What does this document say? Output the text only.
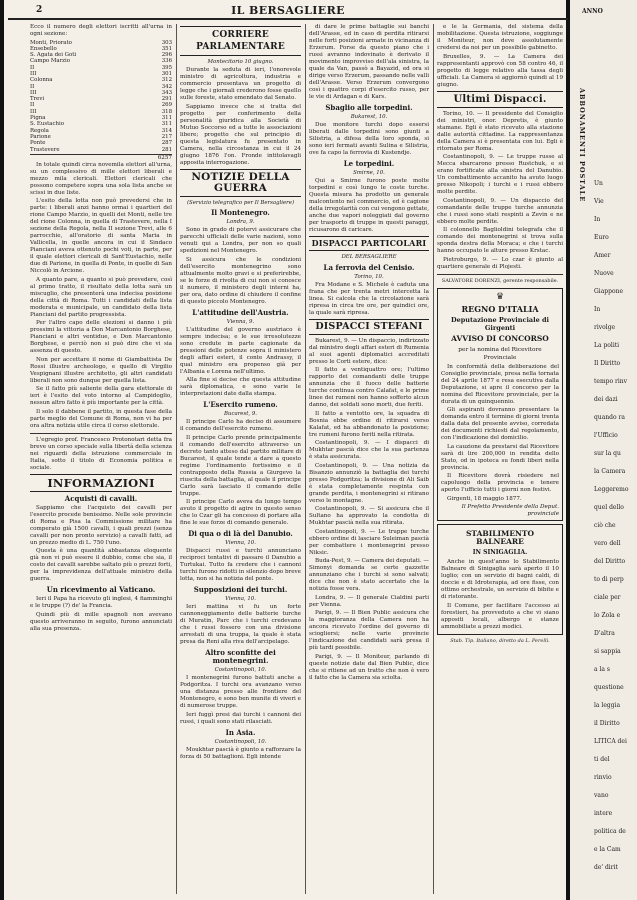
2	IL BERSAGLIERE

Ecco il numero degli elettori iscritti all'urna in ogni sezione:

Monti, Priorato	303
Ensebello	351
S. Agata dei Goti	296
Campo Marzio	336
II	395
III	301
Colonna	312
II	342
III	343
Trevi	291
II	269
III	318
Pigna	311
S. Eustachio	311
Regola	314
Parione	217
Ponte	287
Trastevere	281
6257

In totale quindi circa novemila elettori all'urna, su un complessivo di mille elettori liberali e mezzo mila clericali. Elettori clericali che possono competere sopra una sola lista anche se scissi in due liste.

L'esito della lotta non può prevedersi che in parte: i liberali anzi hanno ormai i quartieri del rione Campo Marzio, in quelli dei Monti, nelle tre del rione Colonna, in quella di Trastevere, nella I sezione della Regola, nella II sezione Trevi, alle 6 parrocchie, all'oratorio di santa Maria in Vallicella, in quelle ancora in cui il Sindaco Pianciani aveva ottenuto pochi voti, in parte, per il quale elettori clericali di Sant'Eustachio, nelle due di Parione, in quella di Ponte, in quelle di San Niccolò in Arcione.

A quanto pare, a quanto si può prevedere, così al primo tratto, il risultato della lotta sarà un miscuglio, che presenterà una indecisa posizione della città di Roma. Tutti i candidati della lista moderata e municipale, un candidato della lista Pianciani del partito progressista.

Per l'altro capo delle elezioni si danno i più prossimi la vittoria a Don Marcantonio Borghese, Pianciani e altri ventidue, e Don Marcantonio Borghese, e perciò non si può dire che vi sia assenza di questo.

Non per accettare il nome di Giambattista De Rossi illustre archeologo, e quello di Virgilio Vespignani illustre architetto, gli altri candidati liberali non sono dunque per quella lista.

Se il fatto più saliente della gara elettorale di ieri è l'esito del voto intorno al Campidoglio, nessun altro fatto è più importante per la città.

Il solo il dabbene il partito, in questa fase della parte meglio del Comune di Roma, non vi ha per ora altra notizia utile circa il corso elettorale.

L'egregio prof. Francesco Protonotari detta fra breve un corso speciale sulla libertà della scienza nei riguardi della istruzione commerciale in Italia, sotto il titolo di Economia politica e sociale.

INFORMAZIONI
Acquisti di cavalli.

Sappiamo che l'acquisto dei cavalli per l'esercito procede benissimo. Nelle sole provincie di Roma e Pisa la Commissione militare ha comperato già 1500 cavalli, i quali prezzi (senza cavalli per non pronto servizio) a cavalli fatti, ad un prezzo medio di L. 750 l'uno.

Questa è una quantità abbastanza eloquente già non vi può essere il dubbio, come che sia, il costo dei cavalli sarebbe saltato più o prezzi forti, per la imprevidenza dell'attuale ministro della guerra.

Un ricevimento al Vaticano.

Ieri il Papa ha ricevuto gli inglesi, 4 fiamminghi e le truppe (?) de' la Francia.

Quindi più di mille spagnoli non avevano questo arriveranno in seguito, furono annunciati alla sua presenza.

CORRIERE PARLAMENTARE
Montecitorio 10 giugno.

Durante la seduta di ieri, l'onorevole ministro di agricoltura, industria e commercio presentava un progetto di legge che i giornali crederono fosse quello sulle foreste, stato emendato dal Senato.

Sappiamo invece che si tratta del progetto per conferimento della personalità giuridica alla Società di Mutuo Soccorso ed a tutte le associazioni libere; progetto che sul principio di questa legislatura fu presentato in Camera, nella circostanza in cui il 24 giugno 1876 l'on. Fronde intitolavagli apposita interrogazione.

NOTIZIE DELLA GUERRA
(Servizio telegrafico per Il Bersagliere)
Il Montenegro.
Londra, 9.

Sono in grado di potervi assicurare che parecchi ufficiali delle varie nazioni, sono venuti qui a Londra, per non so quali spedizioni nel Montenegro.

Si assicura che le condizioni dell'esercito montenegrino sono attualmente molto gravi e si preferirebbe, se le forze di rivolta di cui non si conosce il numero, il ministero degli interni ha, per ora, dato ordine di chiudere il confine di questo piccolo Montenegro.

L'attitudine dell'Austria.
Vienna, 9.

L'attitudine del governo austriaco è sempre indecisa; e le sue irresolutezze sono credute in parte cagionate da pressioni delle potenze sopra il ministero degli affari esteri, il conte Andrassy, il qual ministro era propenso già per l'Albania e Lorena nell'ultimo.

Alla fine si decise che questa attitudine sarà diplomatica, e sono varie le interpretazioni date dalla stampa.

L'Esercito rumeno.
Bucarest, 9.

Il principe Carlo ha deciso di assumere il comando dell'esercito rumeno.

Il principe Carlo prende principalmente il comando dell'esercito attraverso un decreto tanto atteso dal partito militare di Bucarest, il quale tende a dare a questo regime l'ordinamento fortissimo e il contrapposto della Russia a Giurgevo la riuscita della battaglia, al quale il principe Carlo sarà lasciato il comando delle truppe.

Il principe Carlo aveva da lungo tempo avuto il progetto di agire in questo senso che lo Czar gli ha concesso di portare alla fine le sue forze di comando generale.

Di qua o di là del Danubio.
Vienna, 10.

Dispacci russi e turchi annunciano reciproci tentativi di passare il Danubio a Turtukai. Tutto fa credere che i cannoni turchi furono ridotti in silenzio dopo breve lotta, non si ha notizia del ponte.

Supposizioni dei turchi.
Vienna, 10.

Ieri mattina vi fu un forte cannoneggiamento delle batterie turche di Muratin, Parc che i turchi credevano che i russi fossero con una divisione arrestati di una truppa, la quale è stata presa da Reni alla riva dell'arcipelago.

Altro sconfitte dei montenegrini.
Costantinopoli, 10.

I montenegrini furono battuti anche a Podgoritza. I turchi ora avanzano verso una distanza presso alle frontiere del Montenegro, e sono ben munite di viveri e di numerose truppe.

Ieri fuggì presi dai turchi i cannoni dei russi, i quali sono stati rilasciati.

In Asia.
Costantinopoli, 10.

Moukhtar pascià è giunto a rafforzare la forza di 50 battaglioni. Egli intende

di dare le prime battaglie sui banchi dell'Arasse, ed in caso di perdita ritirarsi nelle forti posizioni armate in vicinanza di Erzerum. Forse da questo piano che i russi avranno indovinato è derivato il movimento improvviso dell'ala sinistra, la quale da Van, passò a Bayazid, ed ora si dirige verso Erzerum, passando nelle valli dell'Arasse. Verso Erzerum convergono così i quattro corpi d'esercito russo, per le vie di Ardagan e di Kars.

Sbaglio alle torpedini.
Bukarest, 10.

Due monitore turchi dopo essersi liberati dalle torpedini sono giunti a Silistria, a difesa della loro sponda, si sono ieri fermati avanti Sulina e Silistria, ove fa capo la ferrovia di Kustendje.

Le torpedini.
Smirne, 10.

Qui a Smirne furono poste molte torpedini e così lungo le coste turche. Questa misura ha prodotto un generale malcontento nel commercio, ed è cagione della irregolarità con cui vengono gettate, anche due vapori noleggiati dal governo per trasporto di truppe in questi paraggi, ricusarono di caricare.

DISPACCI PARTICOLARI
DEL BERSAGLIERE
La ferrovia del Cenisio.
Torino, 10.

Fra Modane e S. Michele è caduta una frana che per trenta metri intercetta la linea. Si calcola che la circolazione sarà ripresa in circa tre ore, per quindici ore, la quale sarà ripresa.

DISPACCI STEFANI

Bukarest, 9. — Un dispaccio, indirizzato dal ministro degli affari esteri di Rumenia al suoi agenti diplomatici accreditati presso le Corti estere, dice:

Il fatto a ventiquattro ore; l'ultimo rapporto dei comandanti delle truppe annunzia che il fuoco delle batterie turche continua contro Calafat, e le prime linee dei rumeni non hanno sofferto alcun danno, dei soldati sono morti, due feriti.

Il fatto a ventotto ore, la squadra di Bosnia ebbe ordine di ritirarsi verso Kalafat, ed ha abbandonato la posizione; tre rumeni furono feriti nella ritirata.

Costantinopoli, 9. — I dispacci di Mukhtar pascià dice che la sua partenza è stata assicurata.

Costantinopoli, 9. — Una notizia da Bisanzio annunziò la battaglia dei turchi presso Podgoritza; la divisione di Ali Saib è stata completamente respinta con grande perdita, i montenegrini si ritirano verso le montagne.

Costantinopoli, 9. — Si assicura che il Sultano ha approvato la condotta di Mukhtar pascià nella sua ritirata.

Costantinopoli, 9. — Le truppe turche ebbero ordine di lasciare Suleiman pascià per combattere i montenegrini presso Niksic.

Buda-Pest, 9. — Camera dei deputati. — Simonyi domanda se certe gazzette annunziano che i turchi si sono salvati; dice che non è stato accertato che la notizia fosse vera.

Londra, 9. — Il generale Cialdini parti per Vienna.

Parigi, 9. — Il Bien Public assicura che la maggioranza della Camera non ha ancora ricevuto l'ordine del governo di sciogliersi; nelle varie provincie l'indicazione dei candidati sarà presa il più tardi possibile.

Parigi, 9. — Il Moniteur, parlando di queste notizie date dal Bien Public, dice che si ritiene ad un tratto che non è vero il fatto che la Camera sia sciolta.

e le la Germania, del sistema della mobilitazione. Questa istruzione, soggiunge il Moniteur, non deve assolutamente credersi da noi per un possibile gabinetto.

Bruxelles, 9. — La Camera dei rappresentanti approvò con 58 contro 46, il progetto di legge relativo alla tassa degli ufficiali. La Camera si aggiornò quindi al 19 giugno.

Ultimi Dispacci.

Torino, 10. — Il presidente del Consiglio dei ministri, onor. Depretis, è giunto stamane. Egli è stato ricevuto alla stazione dalle autorità cittadine. La rappresentanza della Camera si è presentata con lui. Egli è ritornato per Roma.

Costantinopoli, 9. — Le truppe russe al Mecca sbarcarono presso Rustchuk, e si erano fortificate alla sinistra del Danubio. Un combattimento accanito ha avuto luogo presso Nikopoli; i turchi e i russi ebbero molte perdite.

Costantinopoli, 9. — Un dispaccio del comandante delle truppe turche annunzia che i russi sono stati respinti a Zevin e ne ebbero molte perdite.

Il colonnello Baglioldini telegrafa che il comando dei montenegrini si trova sulla sponda destra della Moraca; e che i turchi hanno occupato le alture presso Krstac.

Pietroburgo, 9. — Lo czar è giunto al quartiere generale di Plojesti.

SALVATORE DORENZI, gerente responsabile.
♛
REGNO D'ITALIA
Deputazione Provinciale di Girgenti
AVVISO DI CONCORSO
per la nomina del Ricevitore Provinciale

In conformità della deliberazione del Consiglio provinciale, presa nella tornata del 24 aprile 1877 e resa esecutiva dalla Deputazione, si apre il concorso per la nomina del Ricevitore provinciale, per la durata di un quinquennio.

Gli aspiranti dovranno presentare la domanda entro il termine di giorni trenta dalla data del presente avviso, corredata dei documenti richiesti dal regolamento, con l'indicazione del domicilio.

La cauzione da prestarsi dal Ricevitore sarà di lire 200,000 in rendita dello Stato, od in ipoteca su fondi liberi nella provincia.

Il Ricevitore dovrà risiedere nel capoluogo della provincia e tenere aperto l'ufficio tutti i giorni non festivi.

Girgenti, 18 maggio 1877.

Il Prefetto Presidente della Deput. provinciale
STABILIMENTO BALNEARE
IN SINIGAGLIA.

Anche in quest'anno lo Stabilimento Balneare di Sinigaglia sarà aperto il 10 luglio; con un servizio di bagni caldi, di doccie e di Idroterapia, ad ore fisse, con ottimo orchestrale, un servizio di bibite e di ristorante.

Il Comune, per facilitare l'accesso ai forestieri, ha provveduto a che vi siano appositi locali, albergo e stanze ammobiliate a prezzi modici.

Stab. Tip. Italiano, diretto da L. Perelli.
ANNO
ABBONAMENTI POSTALE Un
Vie
In
Euro
Amer
Nuove
Giappone
In
rivolge
La politi
Il Diritto
tempo rinv
dei dazi
quando ra
l'Ufficio
sur la qu
la Camera
Leggeremo
quel dello
ciò che
vero dell
del Diritto
to di perp
ciale per
lo Zola e
D'altra
si sappia
a la s
questione
la leggia
il Diritto
LITICA dei
ti del
rinvio
vano
intere
politica de
e la Cam
de' dirit
